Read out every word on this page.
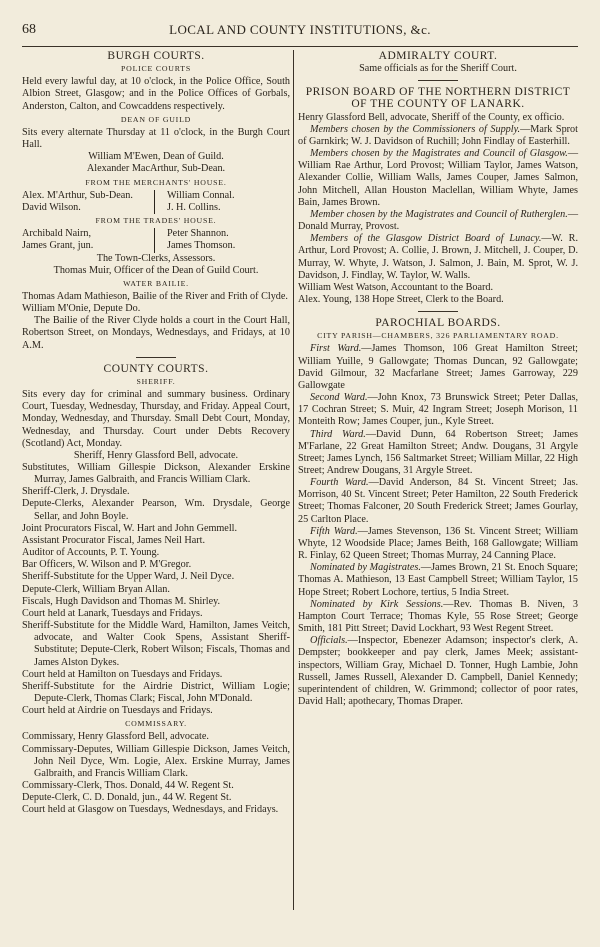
68	LOCAL AND COUNTY INSTITUTIONS, &c.
BURGH COURTS.
POLICE COURTS

Held every lawful day, at 10 o'clock, in the Police Office, South Albion Street, Glasgow; and in the Police Offices of Gorbals, Anderston, Calton, and Cowcaddens respectively.

DEAN OF GUILD

Sits every alternate Thursday at 11 o'clock, in the Burgh Court Hall.

William M'Ewen, Dean of Guild.

Alexander MacArthur, Sub-Dean.

FROM THE MERCHANTS' HOUSE.
Alex. M'Arthur, Sub-Dean.	William Connal.
David Wilson.	J. H. Collins.
FROM THE TRADES' HOUSE.
Archibald Nairn,	Peter Shannon.
James Grant, jun.	James Thomson.

The Town-Clerks, Assessors.

Thomas Muir, Officer of the Dean of Guild Court.

WATER BAILIE.

Thomas Adam Mathieson, Bailie of the River and Frith of Clyde.

William M'Onie, Depute Do.

The Bailie of the River Clyde holds a court in the Court Hall, Robertson Street, on Mondays, Wednesdays, and Fridays, at 10 A.M.

COUNTY COURTS.
SHERIFF.

Sits every day for criminal and summary business. Ordinary Court, Tuesday, Wednesday, Thursday, and Friday. Appeal Court, Monday, Wednesday, and Thursday. Small Debt Court, Monday, Wednesday, and Thursday. Court under Debts Recovery (Scotland) Act, Monday.

Sheriff, Henry Glassford Bell, advocate.

Substitutes, William Gillespie Dickson, Alexander Erskine Murray, James Galbraith, and Francis William Clark.

Sheriff-Clerk, J. Drysdale.

Depute-Clerks, Alexander Pearson, Wm. Drysdale, George Sellar, and John Boyle.

Joint Procurators Fiscal, W. Hart and John Gemmell.

Assistant Procurator Fiscal, James Neil Hart.

Auditor of Accounts, P. T. Young.

Bar Officers, W. Wilson and P. M'Gregor.

Sheriff-Substitute for the Upper Ward, J. Neil Dyce.

Depute-Clerk, William Bryan Allan.

Fiscals, Hugh Davidson and Thomas M. Shirley.

Court held at Lanark, Tuesdays and Fridays.

Sheriff-Substitute for the Middle Ward, Hamilton, James Veitch, advocate, and Walter Cook Spens, Assistant Sheriff-Substitute; Depute-Clerk, Robert Wilson; Fiscals, Thomas and James Alston Dykes.

Court held at Hamilton on Tuesdays and Fridays.

Sheriff-Substitute for the Airdrie District, William Logie; Depute-Clerk, Thomas Clark; Fiscal, John M'Donald.

Court held at Airdrie on Tuesdays and Fridays.

COMMISSARY.

Commissary, Henry Glassford Bell, advocate.

Commissary-Deputes, William Gillespie Dickson, James Veitch, John Neil Dyce, Wm. Logie, Alex. Erskine Murray, James Galbraith, and Francis William Clark.

Commissary-Clerk, Thos. Donald, 44 W. Regent St.

Depute-Clerk, C. D. Donald, jun., 44 W. Regent St.

Court held at Glasgow on Tuesdays, Wednesdays, and Fridays.

ADMIRALTY COURT.

Same officials as for the Sheriff Court.

PRISON BOARD OF THE NORTHERN DISTRICT OF THE COUNTY OF LANARK.

Henry Glassford Bell, advocate, Sheriff of the County, ex officio.

Members chosen by the Commissioners of Supply.—Mark Sprot of Garnkirk; W. J. Davidson of Ruchill; John Findlay of Easterhill.

Members chosen by the Magistrates and Council of Glasgow.—William Rae Arthur, Lord Provost; William Taylor, James Watson, Alexander Collie, William Walls, James Couper, James Salmon, John Mitchell, Allan Houston Maclellan, William Whyte, James Bain, James Brown.

Member chosen by the Magistrates and Council of Rutherglen.—Donald Murray, Provost.

Members of the Glasgow District Board of Lunacy.—W. R. Arthur, Lord Provost; A. Collie, J. Brown, J. Mitchell, J. Couper, D. Murray, W. Whyte, J. Watson, J. Salmon, J. Bain, M. Sprot, W. J. Davidson, J. Findlay, W. Taylor, W. Walls.

William West Watson, Accountant to the Board.

Alex. Young, 138 Hope Street, Clerk to the Board.

PAROCHIAL BOARDS.
CITY PARISH—CHAMBERS, 326 PARLIAMENTARY ROAD.

First Ward.—James Thomson, 106 Great Hamilton Street; William Yuille, 9 Gallowgate; Thomas Duncan, 92 Gallowgate; David Gilmour, 32 Macfarlane Street; James Garroway, 229 Gallowgate

Second Ward.—John Knox, 73 Brunswick Street; Peter Dallas, 17 Cochran Street; S. Muir, 42 Ingram Street; Joseph Morison, 11 Monteith Row; James Couper, jun., Kyle Street.

Third Ward.—David Dunn, 64 Robertson Street; James M'Farlane, 22 Great Hamilton Street; Andw. Dougans, 31 Argyle Street; James Lynch, 156 Saltmarket Street; William Millar, 22 High Street; Andrew Dougans, 31 Argyle Street.

Fourth Ward.—David Anderson, 84 St. Vincent Street; Jas. Morrison, 40 St. Vincent Street; Peter Hamilton, 22 South Frederick Street; Thomas Falconer, 20 South Frederick Street; James Gourlay, 25 Carlton Place.

Fifth Ward.—James Stevenson, 136 St. Vincent Street; William Whyte, 12 Woodside Place; James Beith, 168 Gallowgate; William R. Finlay, 62 Queen Street; Thomas Murray, 24 Canning Place.

Nominated by Magistrates.—James Brown, 21 St. Enoch Square; Thomas A. Mathieson, 13 East Campbell Street; William Taylor, 15 Hope Street; Robert Lochore, tertius, 5 India Street.

Nominated by Kirk Sessions.—Rev. Thomas B. Niven, 3 Hampton Court Terrace; Thomas Kyle, 55 Rose Street; George Smith, 181 Pitt Street; David Lockhart, 93 West Regent Street.

Officials.—Inspector, Ebenezer Adamson; inspector's clerk, A. Dempster; bookkeeper and pay clerk, James Meek; assistant-inspectors, William Gray, Michael D. Tonner, Hugh Lambie, John Russell, James Russell, Alexander D. Campbell, Daniel Kennedy; superintendent of children, W. Grimmond; collector of poor rates, David Hall; apothecary, Thomas Draper.
